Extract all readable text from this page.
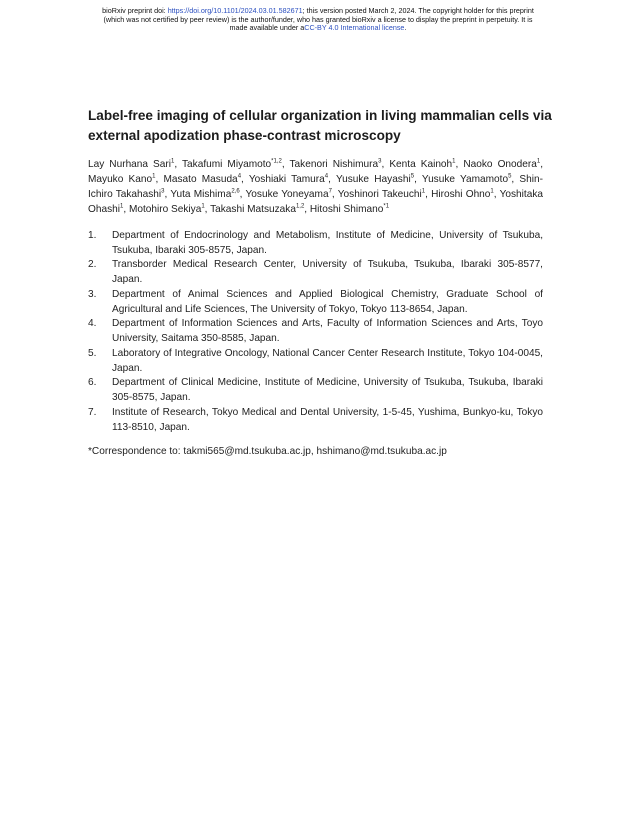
bioRxiv preprint doi: https://doi.org/10.1101/2024.03.01.582671; this version posted March 2, 2024. The copyright holder for this preprint
(which was not certified by peer review) is the author/funder, who has granted bioRxiv a license to display the preprint in perpetuity. It is
made available under aCC-BY 4.0 International license.
Label-free imaging of cellular organization in living mammalian cells via external apodization phase-contrast microscopy
Lay Nurhana Sari$^1$, Takafumi Miyamoto$^{*1,2}$, Takenori Nishimura$^3$, Kenta Kainoh$^1$, Naoko Onodera$^1$, Mayuko Kano$^1$, Masato Masuda$^4$, Yoshiaki Tamura$^4$, Yusuke Hayashi$^5$, Yusuke Yamamoto$^5$, Shin-Ichiro Takahashi$^3$, Yuta Mishima$^{2,6}$, Yosuke Yoneyama$^7$, Yoshinori Takeuchi$^1$, Hiroshi Ohno$^1$, Yoshitaka Ohashi$^1$, Motohiro Sekiya$^1$, Takashi Matsuzaka$^{1,2}$, Hitoshi Shimano$^{*1}$
1.	Department of Endocrinology and Metabolism, Institute of Medicine, University of Tsukuba, Tsukuba, Ibaraki 305-8575, Japan.
2.	Transborder Medical Research Center, University of Tsukuba, Tsukuba, Ibaraki 305-8577, Japan.
3.	Department of Animal Sciences and Applied Biological Chemistry, Graduate School of Agricultural and Life Sciences, The University of Tokyo, Tokyo 113-8654, Japan.
4.	Department of Information Sciences and Arts, Faculty of Information Sciences and Arts, Toyo University, Saitama 350-8585, Japan.
5.	Laboratory of Integrative Oncology, National Cancer Center Research Institute, Tokyo 104-0045, Japan.
6.	Department of Clinical Medicine, Institute of Medicine, University of Tsukuba, Tsukuba, Ibaraki 305-8575, Japan.
7.	Institute of Research, Tokyo Medical and Dental University, 1-5-45, Yushima, Bunkyo-ku, Tokyo 113-8510, Japan.
*Correspondence to: takmi565@md.tsukuba.ac.jp, hshimano@md.tsukuba.ac.jp
